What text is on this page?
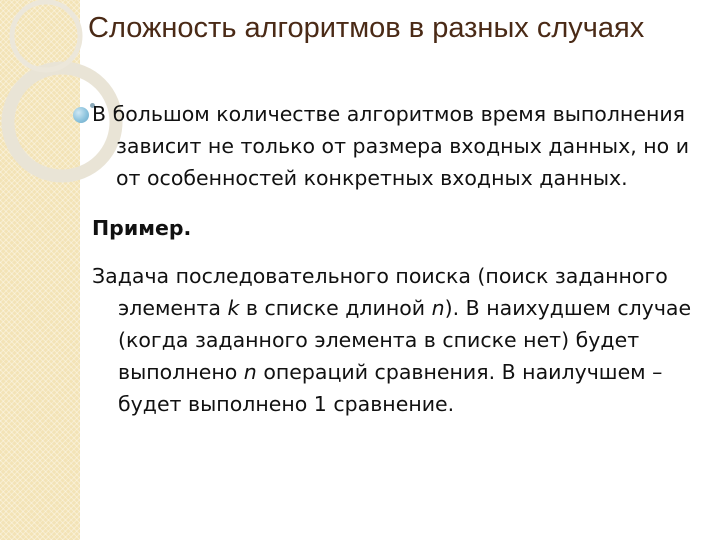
Сложность алгоритмов в разных случаях

В большом количестве алгоритмов время выполнения зависит не только от размера входных данных, но и от особенностей конкретных входных данных.

Пример.

Задача последовательного поиска (поиск заданного элемента k в списке длиной n). В наихудшем случае (когда заданного элемента в списке нет) будет выполнено n операций сравнения. В наилучшем – будет выполнено 1 сравнение.
